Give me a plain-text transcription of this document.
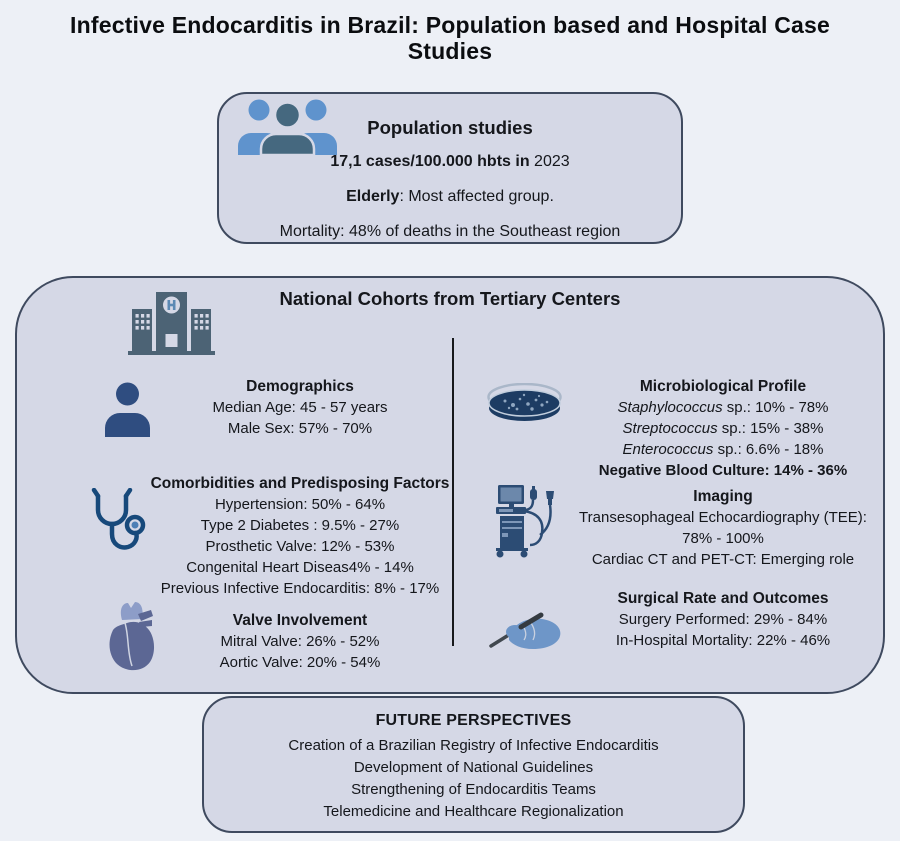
Infective Endocarditis in Brazil: Population based and Hospital Case Studies
Population studies
17,1 cases/100.000 hbts in 2023
Elderly: Most affected group.
Mortality: 48% of deaths in the Southeast region
National Cohorts from Tertiary Centers
Demographics
Median Age: 45 - 57 years
Male Sex: 57% - 70%
Comorbidities and Predisposing Factors
Hypertension: 50% - 64%
Type 2 Diabetes : 9.5% - 27%
Prosthetic Valve: 12% - 53%
Congenital Heart Diseas4% - 14%
Previous Infective Endocarditis: 8% - 17%
Valve Involvement
Mitral Valve: 26% - 52%
Aortic Valve: 20% - 54%
Microbiological Profile
Staphylococcus sp.: 10% - 78%
Streptococcus sp.: 15% - 38%
Enterococcus sp.: 6.6% - 18%
Negative Blood Culture: 14% - 36%
Imaging
Transesophageal Echocardiography (TEE):
78% - 100%
Cardiac CT and PET-CT: Emerging role
Surgical Rate and Outcomes
Surgery Performed: 29% - 84%
In-Hospital Mortality: 22% - 46%
FUTURE PERSPECTIVES
Creation of a Brazilian Registry of Infective Endocarditis
Development of National Guidelines
Strengthening of Endocarditis Teams
Telemedicine and Healthcare Regionalization
